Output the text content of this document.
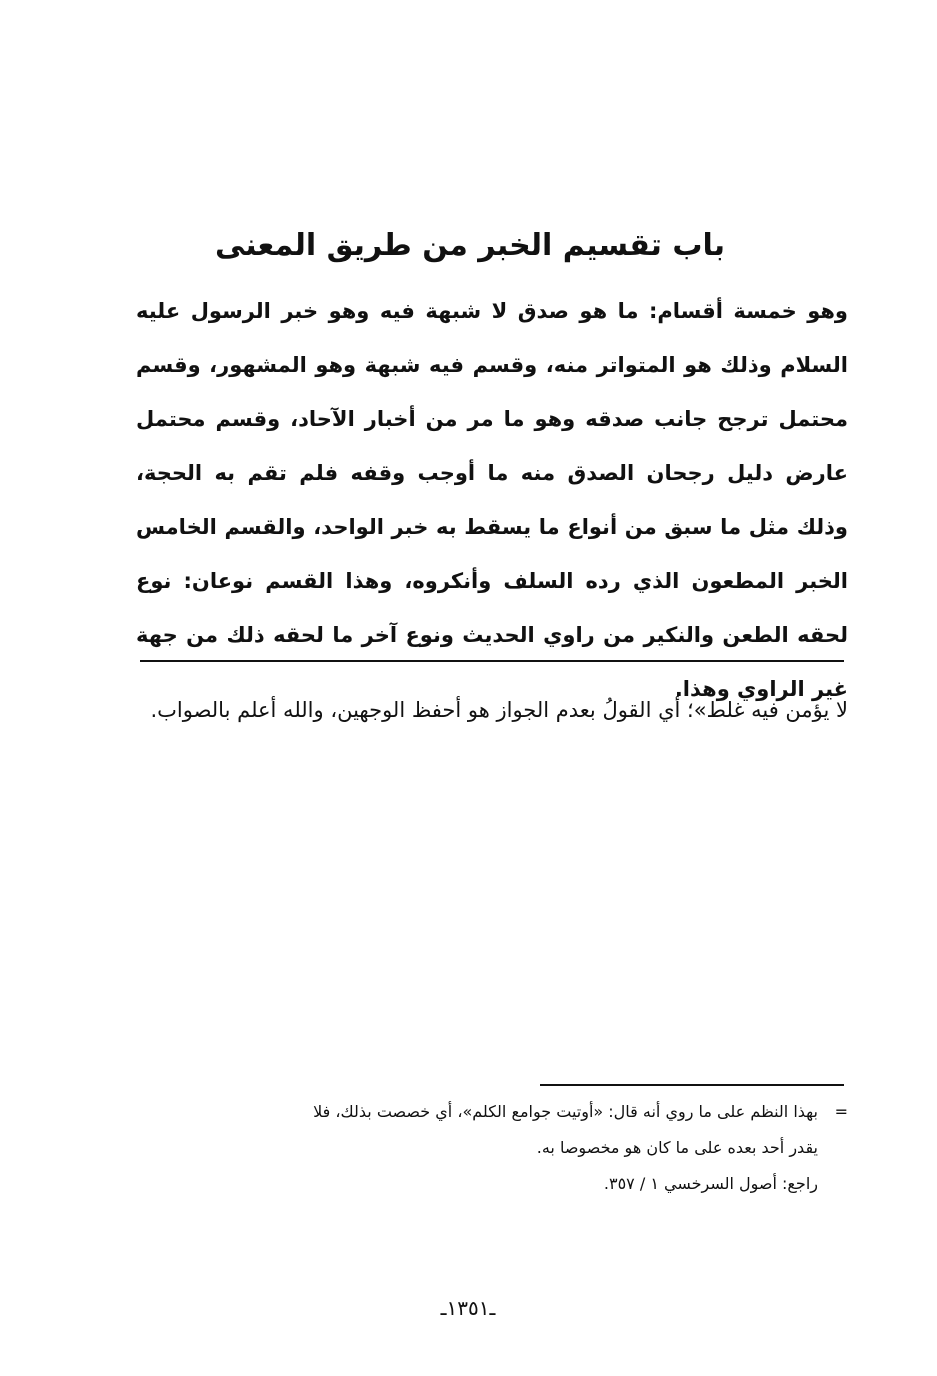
باب تقسيم الخبر من طريق المعنى

وهو خمسة أقسام: ما هو صدق لا شبهة فيه وهو خبر الرسول عليه السلام وذلك هو المتواتر منه، وقسم فيه شبهة وهو المشهور، وقسم محتمل ترجح جانب صدقه وهو ما مر من أخبار الآحاد، وقسم محتمل عارض دليل رجحان الصدق منه ما أوجب وقفه فلم تقم به الحجة، وذلك مثل ما سبق من أنواع ما يسقط به خبر الواحد، والقسم الخامس الخبر المطعون الذي رده السلف وأنكروه، وهذا القسم نوعان: نوع لحقه الطعن والنكير من راوي الحديث ونوع آخر ما لحقه ذلك من جهة غير الراوي وهذا.

لا يؤمن فيه غلط»؛ أي القولُ بعدم الجواز هو أحفظ الوجهين، والله أعلم بالصواب.

=
بهذا النظم على ما روي أنه قال: «أوتيت جوامع الكلم»، أي خصصت بذلك، فلا
يقدر أحد بعده على ما كان هو مخصوصا به.
راجع: أصول السرخسي ١ / ٣٥٧.
ـ١٣٥١ـ
